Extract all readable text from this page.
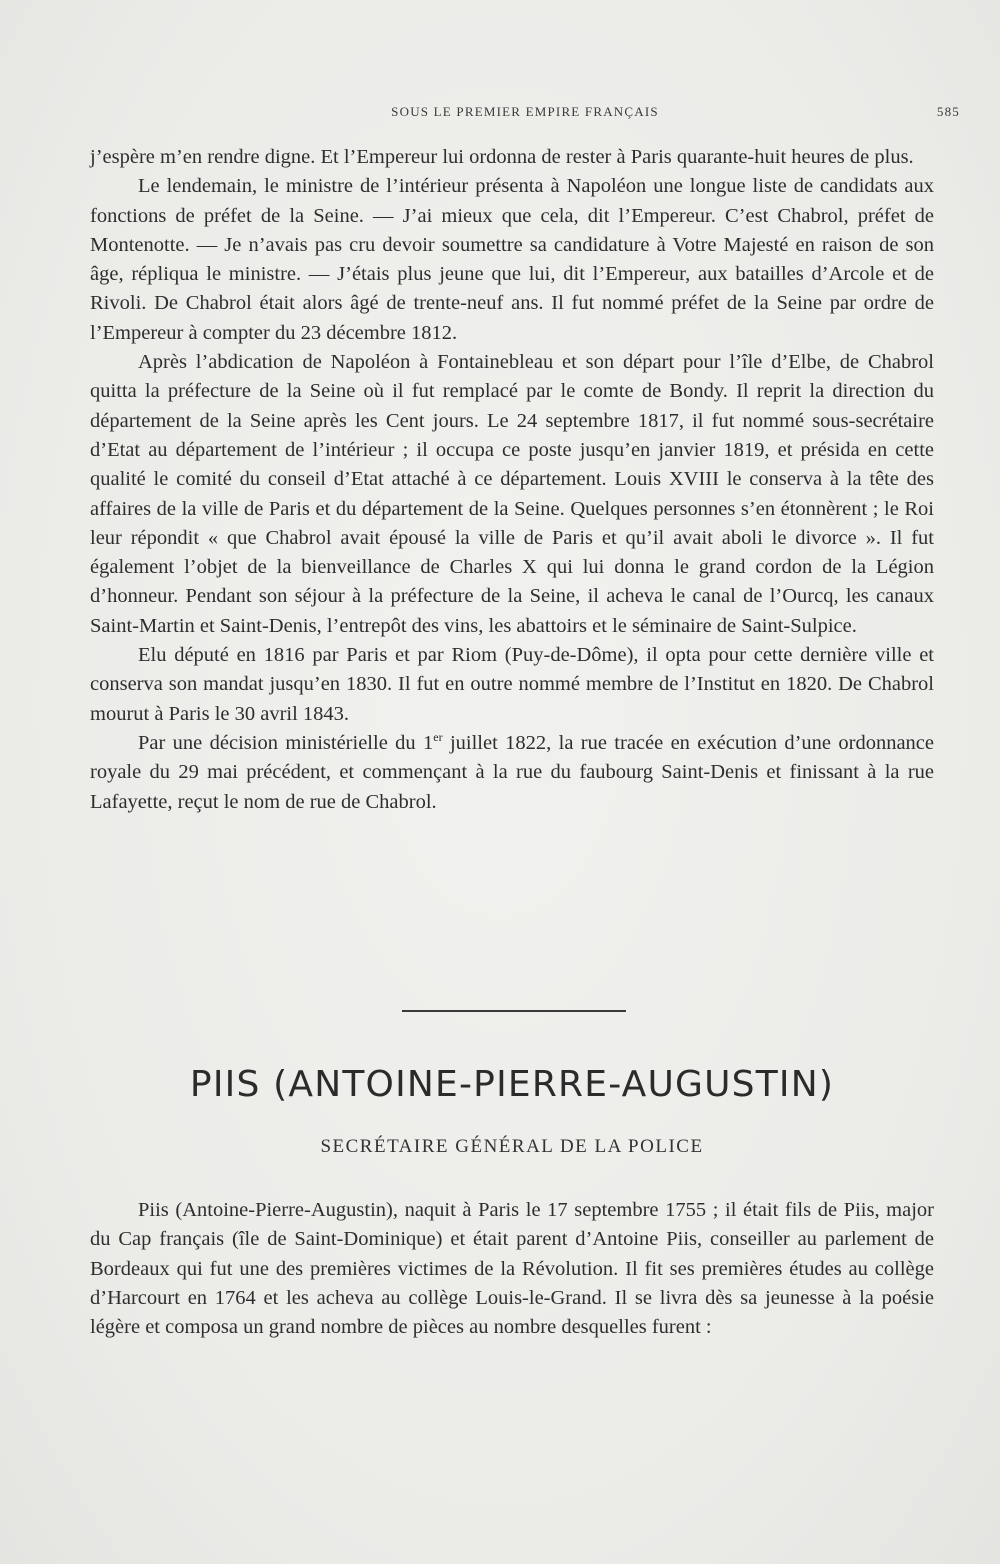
SOUS LE PREMIER EMPIRE FRANÇAIS	585

j’espère m’en rendre digne. Et l’Empereur lui ordonna de rester à Paris quarante-huit heures de plus.

Le lendemain, le ministre de l’intérieur présenta à Napoléon une longue liste de candidats aux fonctions de préfet de la Seine. — J’ai mieux que cela, dit l’Empereur. C’est Chabrol, préfet de Montenotte. — Je n’avais pas cru devoir soumettre sa candidature à Votre Majesté en raison de son âge, répliqua le ministre. — J’étais plus jeune que lui, dit l’Empereur, aux batailles d’Arcole et de Rivoli. De Chabrol était alors âgé de trente-neuf ans. Il fut nommé préfet de la Seine par ordre de l’Empereur à compter du 23 décembre 1812.

Après l’abdication de Napoléon à Fontainebleau et son départ pour l’île d’Elbe, de Chabrol quitta la préfecture de la Seine où il fut remplacé par le comte de Bondy. Il reprit la direction du département de la Seine après les Cent jours. Le 24 septembre 1817, il fut nommé sous-secrétaire d’Etat au département de l’intérieur ; il occupa ce poste jusqu’en janvier 1819, et présida en cette qualité le comité du conseil d’Etat attaché à ce département. Louis XVIII le conserva à la tête des affaires de la ville de Paris et du département de la Seine. Quelques personnes s’en étonnèrent ; le Roi leur répondit « que Chabrol avait épousé la ville de Paris et qu’il avait aboli le divorce ». Il fut également l’objet de la bienveillance de Charles X qui lui donna le grand cordon de la Légion d’honneur. Pendant son séjour à la préfecture de la Seine, il acheva le canal de l’Ourcq, les canaux Saint-Martin et Saint-Denis, l’entrepôt des vins, les abattoirs et le séminaire de Saint-Sulpice.

Elu député en 1816 par Paris et par Riom (Puy-de-Dôme), il opta pour cette dernière ville et conserva son mandat jusqu’en 1830. Il fut en outre nommé membre de l’Institut en 1820. De Chabrol mourut à Paris le 30 avril 1843.

Par une décision ministérielle du 1er juillet 1822, la rue tracée en exécution d’une ordonnance royale du 29 mai précédent, et commençant à la rue du faubourg Saint-Denis et finissant à la rue Lafayette, reçut le nom de rue de Chabrol.

PIIS (ANTOINE-PIERRE-AUGUSTIN)
SECRÉTAIRE GÉNÉRAL DE LA POLICE

Piis (Antoine-Pierre-Augustin), naquit à Paris le 17 septembre 1755 ; il était fils de Piis, major du Cap français (île de Saint-Dominique) et était parent d’Antoine Piis, conseiller au parlement de Bordeaux qui fut une des premières victimes de la Révolution. Il fit ses premières études au collège d’Harcourt en 1764 et les acheva au collège Louis-le-Grand. Il se livra dès sa jeunesse à la poésie légère et composa un grand nombre de pièces au nombre desquelles furent :
